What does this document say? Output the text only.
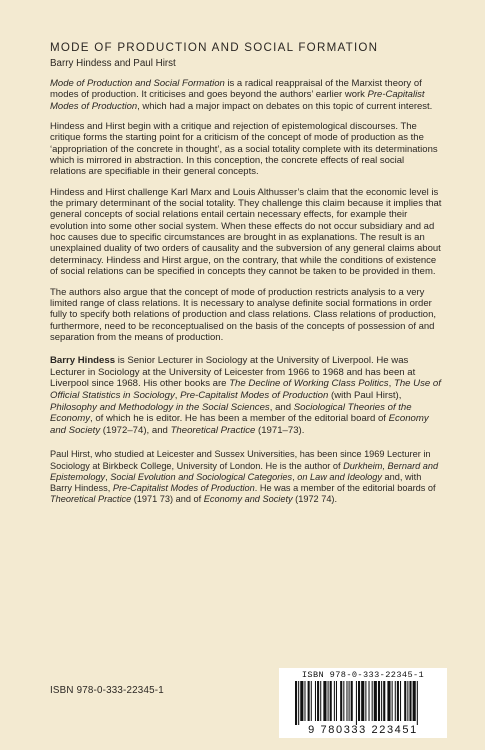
MODE OF PRODUCTION AND SOCIAL FORMATION
Barry Hindess and Paul Hirst

Mode of Production and Social Formation is a radical reappraisal of the Marxist theory of modes of production. It criticises and goes beyond the authors’ earlier work Pre-Capitalist Modes of Production, which had a major impact on debates on this topic of current interest.

Hindess and Hirst begin with a critique and rejection of epistemological discourses. The critique forms the starting point for a criticism of the concept of mode of production as the ‘appropriation of the concrete in thought’, as a social totality complete with its determinations which is mirrored in abstraction. In this conception, the concrete effects of real social relations are specifiable in their general concepts.

Hindess and Hirst challenge Karl Marx and Louis Althusser’s claim that the economic level is the primary determinant of the social totality. They challenge this claim because it implies that general concepts of social relations entail certain necessary effects, for example their evolution into some other social system. When these effects do not occur subsidiary and ad hoc causes due to specific circumstances are brought in as explanations. The result is an unexplained duality of two orders of causality and the subversion of any general claims about determinacy. Hindess and Hirst argue, on the contrary, that while the conditions of existence of social relations can be specified in concepts they cannot be taken to be provided in them.

The authors also argue that the concept of mode of production restricts analysis to a very limited range of class relations. It is necessary to analyse definite social formations in order fully to specify both relations of production and class relations. Class relations of production, furthermore, need to be reconceptualised on the basis of the concepts of possession of and separation from the means of production.

Barry Hindess is Senior Lecturer in Sociology at the University of Liverpool. He was Lecturer in Sociology at the University of Leicester from 1966 to 1968 and has been at Liverpool since 1968. His other books are The Decline of Working Class Politics, The Use of Official Statistics in Sociology, Pre-Capitalist Modes of Production (with Paul Hirst), Philosophy and Methodology in the Social Sciences, and Sociological Theories of the Economy, of which he is editor. He has been a member of the editorial board of Economy and Society (1972–74), and Theoretical Practice (1971–73).

Paul Hirst, who studied at Leicester and Sussex Universities, has been since 1969 Lecturer in Sociology at Birkbeck College, University of London. He is the author of Durkheim, Bernard and Epistemology, Social Evolution and Sociological Categories, on Law and Ideology and, with Barry Hindess, Pre-Capitalist Modes of Production. He was a member of the editorial boards of Theoretical Practice (1971 73) and of Economy and Society (1972 74).

ISBN 978-0-333-22345-1
ISBN 978-0-333-22345-1
9 780333 223451
